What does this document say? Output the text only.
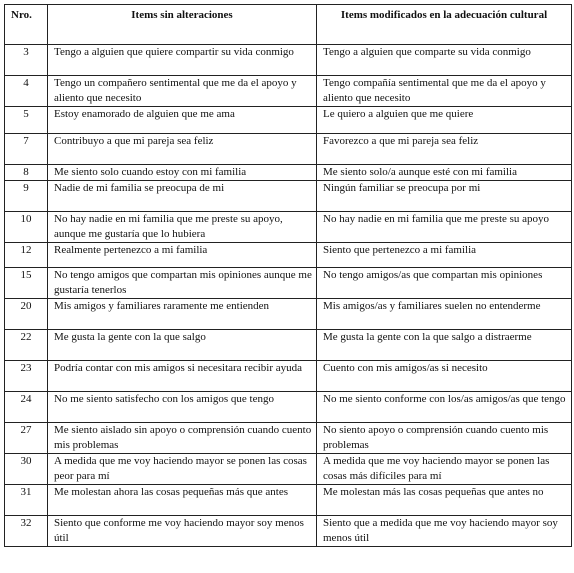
Nro.	Items sin alteraciones	Items modificados en la adecuación cultural
3	Tengo a alguien que quiere compartir su vida conmigo	Tengo a alguien que comparte su vida conmigo
4	Tengo un compañero sentimental que me da el apoyo y aliento que necesito	Tengo compañía sentimental que me da el apoyo y aliento que necesito
5	Estoy enamorado de alguien que me ama	Le quiero a alguien que me quiere
7	Contribuyo a que mi pareja sea feliz	Favorezco a que mi pareja sea feliz
8	Me siento solo cuando estoy con mi familia	Me siento solo/a aunque esté con mi familia
9	Nadie de mi familia se preocupa de mi	Ningún familiar se preocupa por mi
10	No hay nadie en mi familia que me preste su apoyo, aunque me gustaría que lo hubiera	No hay nadie en mi familia que me preste su apoyo
12	Realmente pertenezco a mi familia	Siento que pertenezco a mi familia
15	No tengo amigos que compartan mis opiniones aunque me gustaría tenerlos	No tengo amigos/as que compartan mis opiniones
20	Mis amigos y familiares raramente me entienden	Mis amigos/as y familiares suelen no entenderme
22	Me gusta la gente con la que salgo	Me gusta la gente con la que salgo a distraerme
23	Podría contar con mis amigos si necesitara recibir ayuda	Cuento con mis amigos/as si necesito
24	No me siento satisfecho con los amigos que tengo	No me siento conforme con los/as amigos/as que tengo
27	Me siento aislado sin apoyo o comprensión cuando cuento mis problemas	No siento apoyo o comprensión cuando cuento mis problemas
30	A medida que me voy haciendo mayor se ponen las cosas peor para mí	A medida que me voy haciendo mayor se ponen las cosas más difíciles para mí
31	Me molestan ahora las cosas pequeñas más que antes	Me molestan más las cosas pequeñas que antes no
32	Siento que conforme me voy haciendo mayor soy menos útil	Siento que a medida que me voy haciendo mayor soy menos útil
